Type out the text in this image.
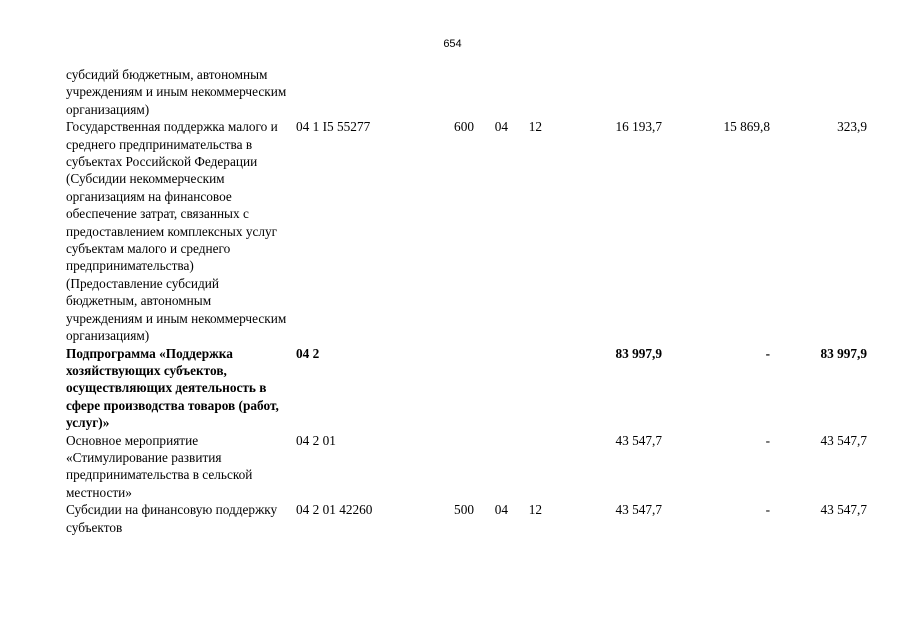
654
субсидий бюджетным, автономным учреждениям и иным некоммерческим организациям)							
Государственная поддержка малого и среднего предпринимательства в субъектах Российской Федерации (Субсидии некоммерческим организациям на финансовое обеспечение затрат, связанных с предоставлением комплексных услуг субъектам малого и среднего предпринимательства) (Предоставление субсидий бюджетным, автономным учреждениям и иным некоммерческим организациям)	04 1 I5 55277	600	04	12	16 193,7	15 869,8	323,9
Подпрограмма «Поддержка хозяйствующих субъектов, осуществляющих деятельность в сфере производства товаров (работ, услуг)»	04 2				83 997,9	-	83 997,9
Основное мероприятие «Стимулирование развития предпринимательства в сельской местности»	04 2 01				43 547,7	-	43 547,7
Субсидии на финансовую поддержку субъектов	04 2 01 42260	500	04	12	43 547,7	-	43 547,7
